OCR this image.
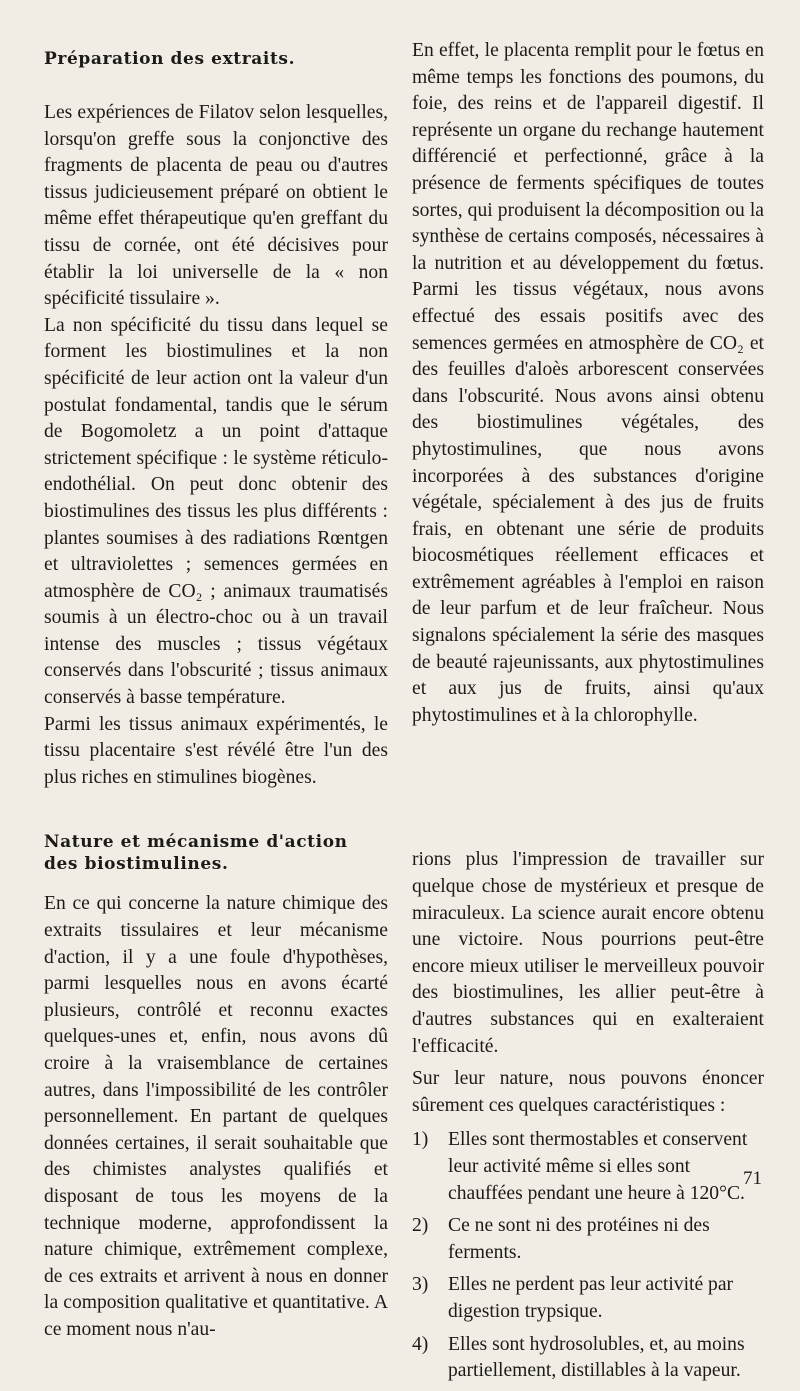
Préparation des extraits.

Les expériences de Filatov selon lesquelles, lorsqu'on greffe sous la conjonctive des fragments de placenta de peau ou d'autres tissus judicieusement préparé on obtient le même effet thérapeutique qu'en greffant du tissu de cornée, ont été décisives pour établir la loi universelle de la « non spécificité tissulaire ».

La non spécificité du tissu dans lequel se forment les biostimulines et la non spécificité de leur action ont la valeur d'un postulat fondamental, tandis que le sérum de Bogomoletz a un point d'attaque strictement spécifique : le système réticulo-endothélial. On peut donc obtenir des biostimulines des tissus les plus différents : plantes soumises à des radiations Rœntgen et ultraviolettes ; semences germées en atmosphère de CO₂ ; animaux traumatisés soumis à un électro-choc ou à un travail intense des muscles ; tissus végétaux conservés dans l'obscurité ; tissus animaux conservés à basse température.

Parmi les tissus animaux expérimentés, le tissu placentaire s'est révélé être l'un des plus riches en stimulines biogènes.

Nature et mécanisme d'action des biostimulines.

En ce qui concerne la nature chimique des extraits tissulaires et leur mécanisme d'action, il y a une foule d'hypothèses, parmi lesquelles nous en avons écarté plusieurs, contrôlé et reconnu exactes quelques-unes et, enfin, nous avons dû croire à la vraisemblance de certaines autres, dans l'impossibilité de les contrôler personnellement. En partant de quelques données certaines, il serait souhaitable que des chimistes analystes qualifiés et disposant de tous les moyens de la technique moderne, approfondissent la nature chimique, extrêmement complexe, de ces extraits et arrivent à nous en donner la composition qualitative et quantitative. A ce moment nous n'au-

En effet, le placenta remplit pour le fœtus en même temps les fonctions des poumons, du foie, des reins et de l'appareil digestif. Il représente un organe du rechange hautement différencié et perfectionné, grâce à la présence de ferments spécifiques de toutes sortes, qui produisent la décomposition ou la synthèse de certains composés, nécessaires à la nutrition et au développement du fœtus. Parmi les tissus végétaux, nous avons effectué des essais positifs avec des semences germées en atmosphère de CO₂ et des feuilles d'aloès arborescent conservées dans l'obscurité. Nous avons ainsi obtenu des biostimulines végétales, des phytostimulines, que nous avons incorporées à des substances d'origine végétale, spécialement à des jus de fruits frais, en obtenant une série de produits biocosmétiques réellement efficaces et extrêmement agréables à l'emploi en raison de leur parfum et de leur fraîcheur. Nous signalons spécialement la série des masques de beauté rajeunissants, aux phytostimulines et aux jus de fruits, ainsi qu'aux phytostimulines et à la chlorophylle.

rions plus l'impression de travailler sur quelque chose de mystérieux et presque de miraculeux. La science aurait encore obtenu une victoire. Nous pourrions peut-être encore mieux utiliser le merveilleux pouvoir des biostimulines, les allier peut-être à d'autres substances qui en exalteraient l'efficacité.

Sur leur nature, nous pouvons énoncer sûrement ces quelques caractéristiques :

1) Elles sont thermostables et conservent leur activité même si elles sont chauffées pendant une heure à 120°C.
2) Ce ne sont ni des protéines ni des ferments.
3) Elles ne perdent pas leur activité par digestion trypsique.
4) Elles sont hydrosolubles, et, au moins partiellement, distillables à la vapeur.
71
